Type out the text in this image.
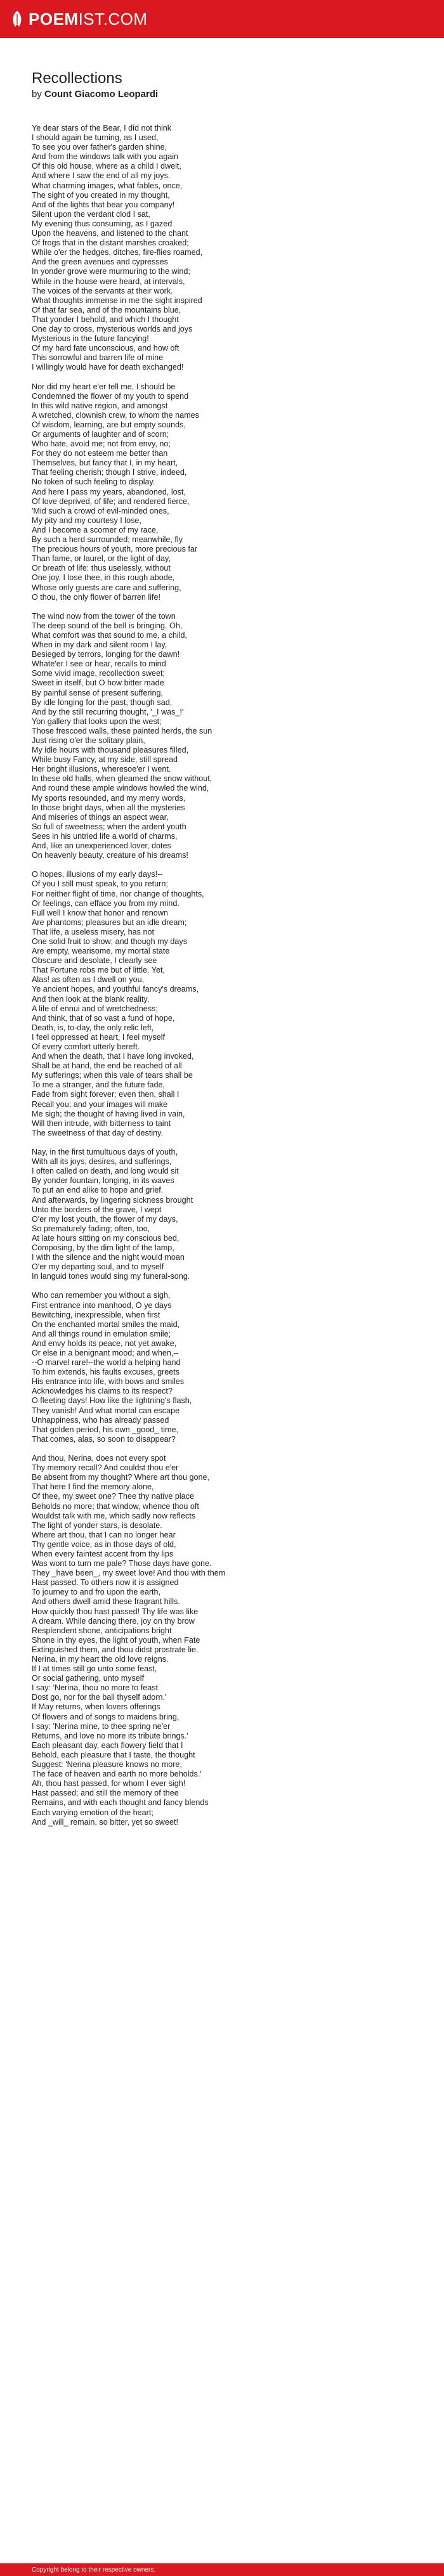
POEMIST.COM
Recollections
by Count Giacomo Leopardi
Ye dear stars of the Bear, I did not think
I should again be turning, as I used,
To see you over father's garden shine,
And from the windows talk with you again
Of this old house, where as a child I dwelt,
And where I saw the end of all my joys.
What charming images, what fables, once,
The sight of you created in my thought,
And of the lights that bear you company!
Silent upon the verdant clod I sat,
My evening thus consuming, as I gazed
Upon the heavens, and listened to the chant
Of frogs that in the distant marshes croaked;
While o'er the hedges, ditches, fire-flies roamed,
And the green avenues and cypresses
In yonder grove were murmuring to the wind;
While in the house were heard, at intervals,
The voices of the servants at their work.
What thoughts immense in me the sight inspired
Of that far sea, and of the mountains blue,
That yonder I behold, and which I thought
One day to cross, mysterious worlds and joys
Mysterious in the future fancying!
Of my hard fate unconscious, and how oft
This sorrowful and barren life of mine
I willingly would have for death exchanged!
Nor did my heart e'er tell me, I should be
Condemned the flower of my youth to spend
In this wild native region, and amongst
A wretched, clownish crew, to whom the names
Of wisdom, learning, are but empty sounds,
Or arguments of laughter and of scorn;
Who hate, avoid me; not from envy, no;
For they do not esteem me better than
Themselves, but fancy that I, in my heart,
That feeling cherish; though I strive, indeed,
No token of such feeling to display.
And here I pass my years, abandoned, lost,
Of love deprived, of life; and rendered fierce,
'Mid such a crowd of evil-minded ones,
My pity and my courtesy I lose,
And I become a scorner of my race,
By such a herd surrounded; meanwhile, fly
The precious hours of youth, more precious far
Than fame, or laurel, or the light of day,
Or breath of life: thus uselessly, without
One joy, I lose thee, in this rough abode,
Whose only guests are care and suffering,
O thou, the only flower of barren life!
The wind now from the tower of the town
The deep sound of the bell is bringing. Oh,
What comfort was that sound to me, a child,
When in my dark and silent room I lay,
Besieged by terrors, longing for the dawn!
Whate'er I see or hear, recalls to mind
Some vivid image, recollection sweet;
Sweet in itself, but O how bitter made
By painful sense of present suffering,
By idle longing for the past, though sad,
And by the still recurring thought, '_I was_!'
Yon gallery that looks upon the west;
Those frescoed walls, these painted herds, the sun
Just rising o'er the solitary plain,
My idle hours with thousand pleasures filled,
While busy Fancy, at my side, still spread
Her bright illusions, wheresoe'er I went.
In these old halls, when gleamed the snow without,
And round these ample windows howled the wind,
My sports resounded, and my merry words,
In those bright days, when all the mysteries
And miseries of things an aspect wear,
So full of sweetness; when the ardent youth
Sees in his untried life a world of charms,
And, like an unexperienced lover, dotes
On heavenly beauty, creature of his dreams!
O hopes, illusions of my early days!--
Of you I still must speak, to you return;
For neither flight of time, nor change of thoughts,
Or feelings, can efface you from my mind.
Full well I know that honor and renown
Are phantoms; pleasures but an idle dream;
That life, a useless misery, has not
One solid fruit to show; and though my days
Are empty, wearisome, my mortal state
Obscure and desolate, I clearly see
That Fortune robs me but of little. Yet,
Alas! as often as I dwell on you,
Ye ancient hopes, and youthful fancy's dreams,
And then look at the blank reality,
A life of ennui and of wretchedness;
And think, that of so vast a fund of hope,
Death, is, to-day, the only relic left,
I feel oppressed at heart, I feel myself
Of every comfort utterly bereft.
And when the death, that I have long invoked,
Shall be at hand, the end be reached of all
My sufferings; when this vale of tears shall be
To me a stranger, and the future fade,
Fade from sight forever; even then, shall I
Recall you; and your images will make
Me sigh; the thought of having lived in vain,
Will then intrude, with bitterness to taint
The sweetness of that day of destiny.
Nay, in the first tumultuous days of youth,
With all its joys, desires, and sufferings,
I often called on death, and long would sit
By yonder fountain, longing, in its waves
To put an end alike to hope and grief.
And afterwards, by lingering sickness brought
Unto the borders of the grave, I wept
O'er my lost youth, the flower of my days,
So prematurely fading; often, too,
At late hours sitting on my conscious bed,
Composing, by the dim light of the lamp,
I with the silence and the night would moan
O'er my departing soul, and to myself
In languid tones would sing my funeral-song.
Who can remember you without a sigh,
First entrance into manhood, O ye days
Bewitching, inexpressible, when first
On the enchanted mortal smiles the maid,
And all things round in emulation smile;
And envy holds its peace, not yet awake,
Or else in a benignant mood; and when,--
--O marvel rare!--the world a helping hand
To him extends, his faults excuses, greets
His entrance into life, with bows and smiles
Acknowledges his claims to its respect?
O fleeting days! How like the lightning's flash,
They vanish! And what mortal can escape
Unhappiness, who has already passed
That golden period, his own _good_ time,
That comes, alas, so soon to disappear?
And thou, Nerina, does not every spot
Thy memory recall? And couldst thou e'er
Be absent from my thought? Where art thou gone,
That here I find the memory alone,
Of thee, my sweet one? Thee thy native place
Beholds no more; that window, whence thou oft
Wouldst talk with me, which sadly now reflects
The light of yonder stars, is desolate.
Where art thou, that I can no longer hear
Thy gentle voice, as in those days of old,
When every faintest accent from thy lips
Was wont to turn me pale? Those days have gone.
They _have been_, my sweet love! And thou with them
Hast passed. To others now it is assigned
To journey to and fro upon the earth,
And others dwell amid these fragrant hills.
How quickly thou hast passed! Thy life was like
A dream. While dancing there, joy on thy brow
Resplendent shone, anticipations bright
Shone in thy eyes, the light of youth, when Fate
Extinguished them, and thou didst prostrate lie.
Nerina, in my heart the old love reigns.
If I at times still go unto some feast,
Or social gathering, unto myself
I say: 'Nerina, thou no more to feast
Dost go, nor for the ball thyself adorn.'
If May returns, when lovers offerings
Of flowers and of songs to maidens bring,
I say: 'Nerina mine, to thee spring ne'er
Returns, and love no more its tribute brings.'
Each pleasant day, each flowery field that I
Behold, each pleasure that I taste, the thought
Suggest: 'Nerina pleasure knows no more,
The face of heaven and earth no more beholds.'
Ah, thou hast passed, for whom I ever sigh!
Hast passed; and still the memory of thee
Remains, and with each thought and fancy blends
Each varying emotion of the heart;
And _will_ remain, so bitter, yet so sweet!
Copyright belong to their respective owners.
